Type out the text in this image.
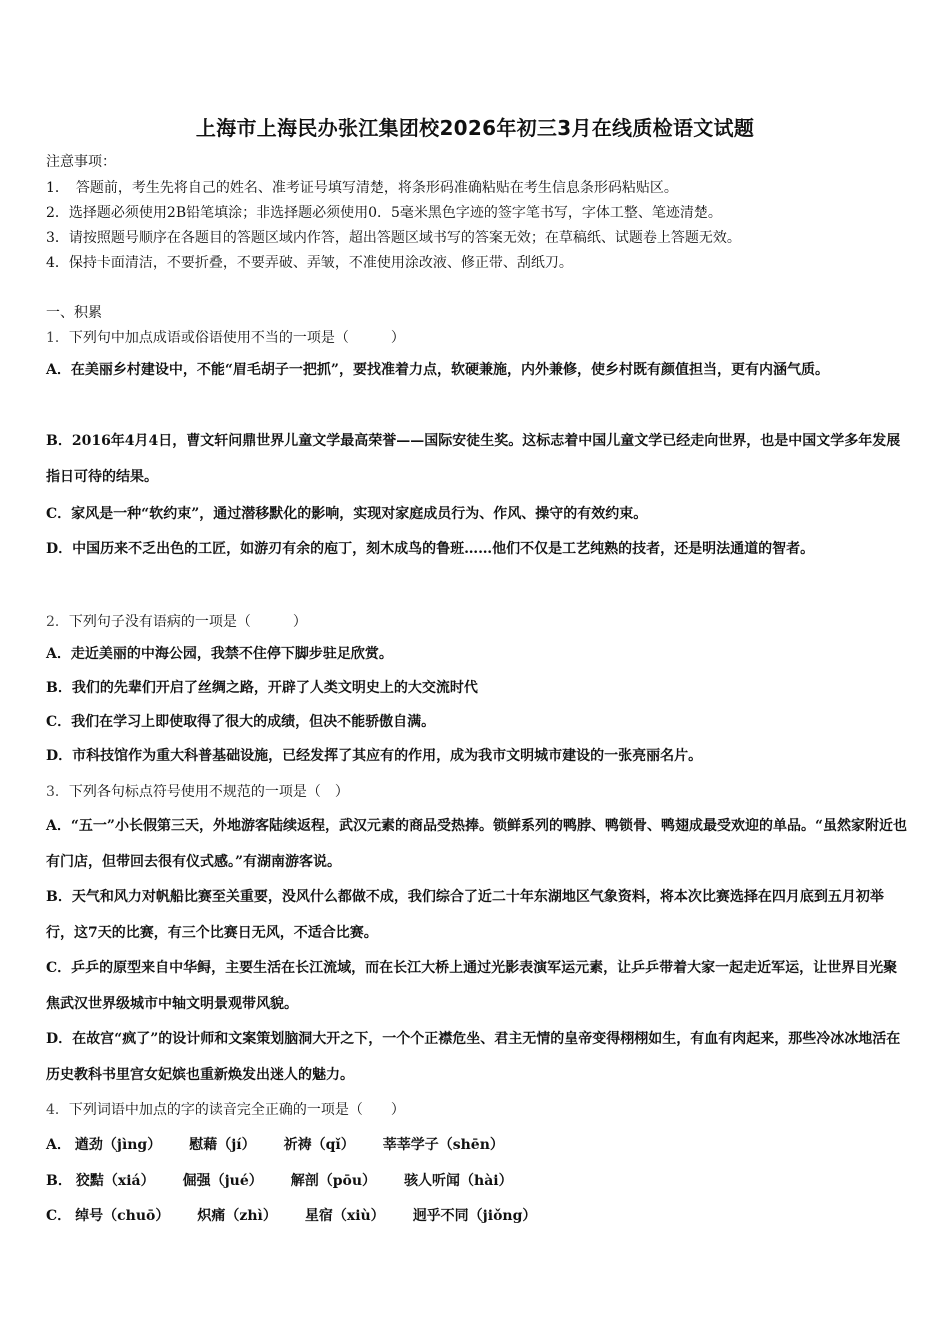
上海市上海民办张江集团校2026年初三3月在线质检语文试题
注意事项：
1．　答题前，考生先将自己的姓名、准考证号填写清楚，将条形码准确粘贴在考生信息条形码粘贴区。
2．选择题必须使用2B铅笔填涂；非选择题必须使用0．5毫米黑色字迹的签字笔书写，字体工整、笔迹清楚。
3．请按照题号顺序在各题目的答题区域内作答，超出答题区域书写的答案无效；在草稿纸、试题卷上答题无效。
4．保持卡面清洁，不要折叠，不要弄破、弄皱，不准使用涂改液、修正带、刮纸刀。
一、积累
1．下列句中加点成语或俗语使用不当的一项是（　　　）
A．在美丽乡村建设中，不能“眉毛胡子一把抓”，要找准着力点，软硬兼施，内外兼修，使乡村既有颜值担当，更有内涵气质。
B．2016年4月4日，曹文轩问鼎世界儿童文学最高荣誉——国际安徒生奖。这标志着中国儿童文学已经走向世界，也是中国文学多年发展指日可待的结果。
C．家风是一种“软约束”，通过潜移默化的影响，实现对家庭成员行为、作风、操守的有效约束。
D．中国历来不乏出色的工匠，如游刃有余的庖丁，刻木成鸟的鲁班……他们不仅是工艺纯熟的技者，还是明法通道的智者。
2．下列句子没有语病的一项是（　　　）
A．走近美丽的中海公园，我禁不住停下脚步驻足欣赏。
B．我们的先辈们开启了丝绸之路，开辟了人类文明史上的大交流时代
C．我们在学习上即使取得了很大的成绩，但决不能骄傲自满。
D．市科技馆作为重大科普基础设施，已经发挥了其应有的作用，成为我市文明城市建设的一张亮丽名片。
3．下列各句标点符号使用不规范的一项是（　）
A．“五一”小长假第三天，外地游客陆续返程，武汉元素的商品受热捧。锁鲜系列的鸭脖、鸭锁骨、鸭翅成最受欢迎的单品。“虽然家附近也有门店，但带回去很有仪式感。”有湖南游客说。
B．天气和风力对帆船比赛至关重要，没风什么都做不成，我们综合了近二十年东湖地区气象资料，将本次比赛选择在四月底到五月初举行，这7天的比赛，有三个比赛日无风，不适合比赛。
C．乒乒的原型来自中华鲟，主要生活在长江流域，而在长江大桥上通过光影表演军运元素，让乒乒带着大家一起走近军运，让世界目光聚焦武汉世界级城市中轴文明景观带风貌。
D．在故宫“疯了”的设计师和文案策划脑洞大开之下，一个个正襟危坐、君主无情的皇帝变得栩栩如生，有血有肉起来，那些冷冰冰地活在历史教科书里宫女妃嫔也重新焕发出迷人的魅力。
4．下列词语中加点的字的读音完全正确的一项是（　　）
A． 遒劲（jìng） 慰藉（jí） 祈祷（qǐ） 莘莘学子（shēn）
B． 狡黠（xiá） 倔强（jué） 解剖（pōu） 骇人听闻（hài）
C． 绰号（chuō） 炽痛（zhì） 星宿（xiù） 迥乎不同（jiǒng）
